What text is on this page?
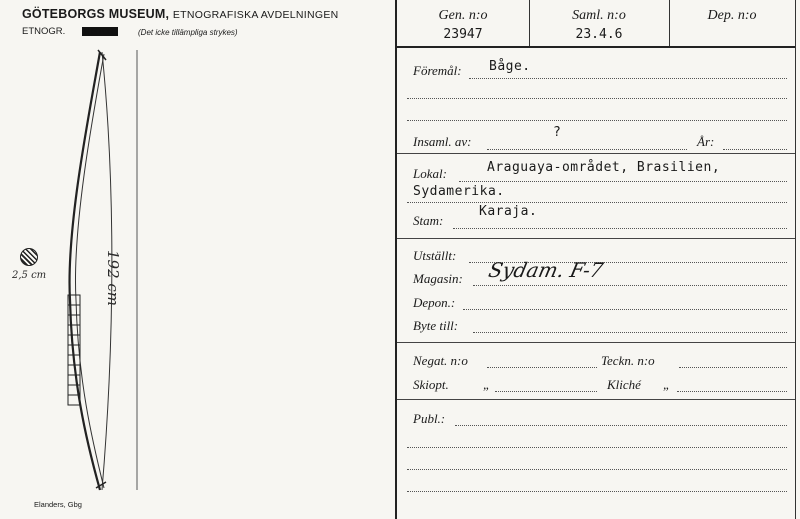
GÖTEBORGS MUSEUM, ETNOGRAFISKA AVDELNINGEN
ETNOGR. HISTOR.	(Det icke tillämpliga strykes)
2,5 cm	192 cm
Elanders, Gbg
Gen. n:o
23947
Saml. n:o
23.4.6
Dep. n:o
Föremål: Båge.
Insaml. av:
?
År:
Lokal:	Araguaya-området, Brasilien,
Sydamerika.
Stam:
Karaja.
Utställt:
Magasin: Sydam. F-7
Depon.:
Byte till:
Negat. n:o	Teckn. n:o
Skiopt.	„	Kliché „
Publ.:
